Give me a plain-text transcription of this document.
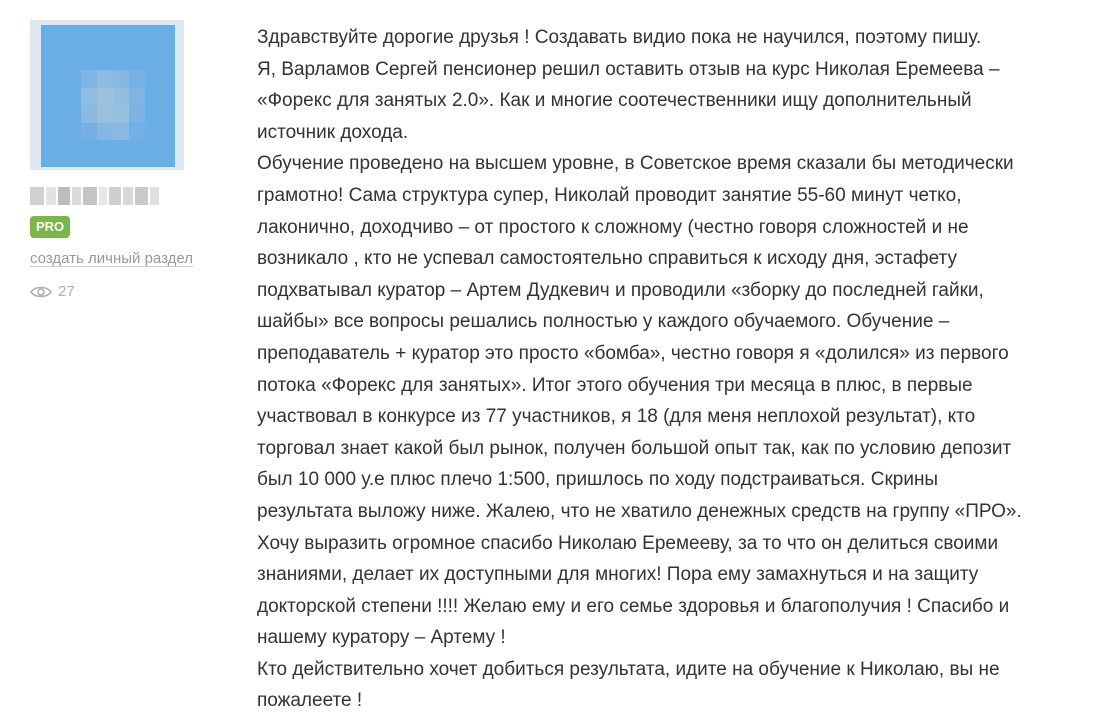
PRO
создать личный раздел
27

Здравствуйте дорогие друзья ! Создавать видио пока не научился, поэтому пишу.

Я, Варламов Сергей пенсионер решил оставить отзыв на курс Николая Еремеева –

«Форекс для занятых 2.0». Как и многие соотечественники ищу дополнительный

источник дохода.

Обучение проведено на высшем уровне, в Советское время сказали бы методически

грамотно! Сама структура супер, Николай проводит занятие 55-60 минут четко,

лаконично, доходчиво – от простого к сложному (честно говоря сложностей и не

возникало , кто не успевал самостоятельно справиться к исходу дня, эстафету

подхватывал куратор – Артем Дудкевич и проводили «зборку до последней гайки,

шайбы» все вопросы решались полностью у каждого обучаемого. Обучение –

преподаватель + куратор это просто «бомба», честно говоря я «долился» из первого

потока «Форекс для занятых». Итог этого обучения три месяца в плюс, в первые

участвовал в конкурсе из 77 участников, я 18 (для меня неплохой результат), кто

торговал знает какой был рынок, получен большой опыт так, как по условию депозит

был 10 000 у.е плюс плечо 1:500, пришлось по ходу подстраиваться. Скрины

результата выложу ниже. Жалею, что не хватило денежных средств на группу «ПРО».

Хочу выразить огромное спасибо Николаю Еремееву, за то что он делиться своими

знаниями, делает их доступными для многих! Пора ему замахнуться и на защиту

докторской степени !!!! Желаю ему и его семье здоровья и благополучия ! Спасибо и

нашему куратору – Артему !

Кто действительно хочет добиться результата, идите на обучение к Николаю, вы не

пожалеете !
